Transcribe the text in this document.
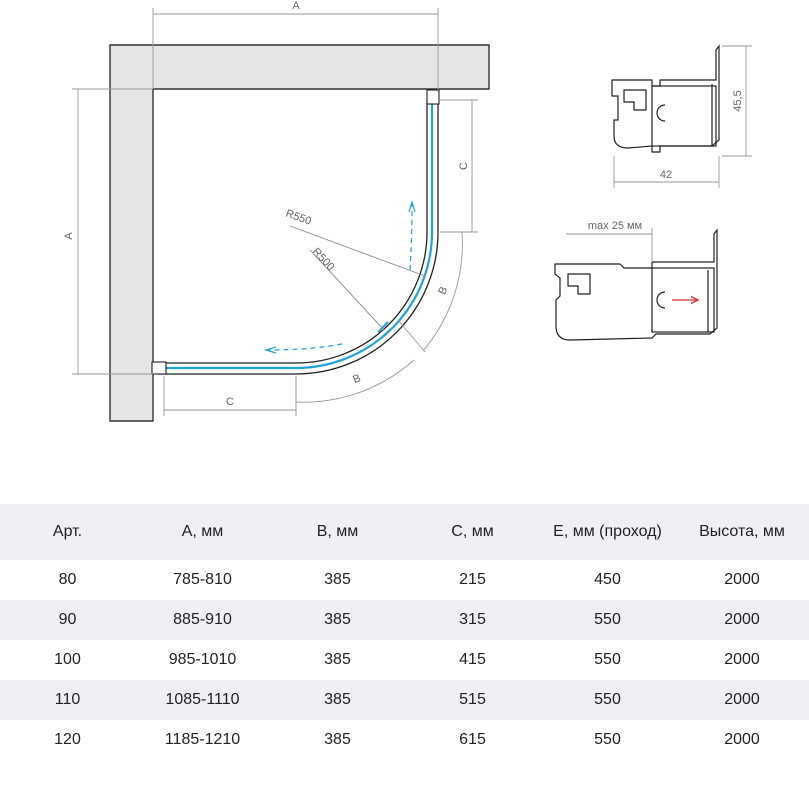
R550
R500
A
A
C
C
B
B
45,5
42
max 25 мм
Арт.	A, мм	B, мм	C, мм	E, мм (проход)	Высота, мм
80	785-810	385	215	450	2000
90	885-910	385	315	550	2000
100	985-1010	385	415	550	2000
110	1085-1110	385	515	550	2000
120	1185-1210	385	615	550	2000
